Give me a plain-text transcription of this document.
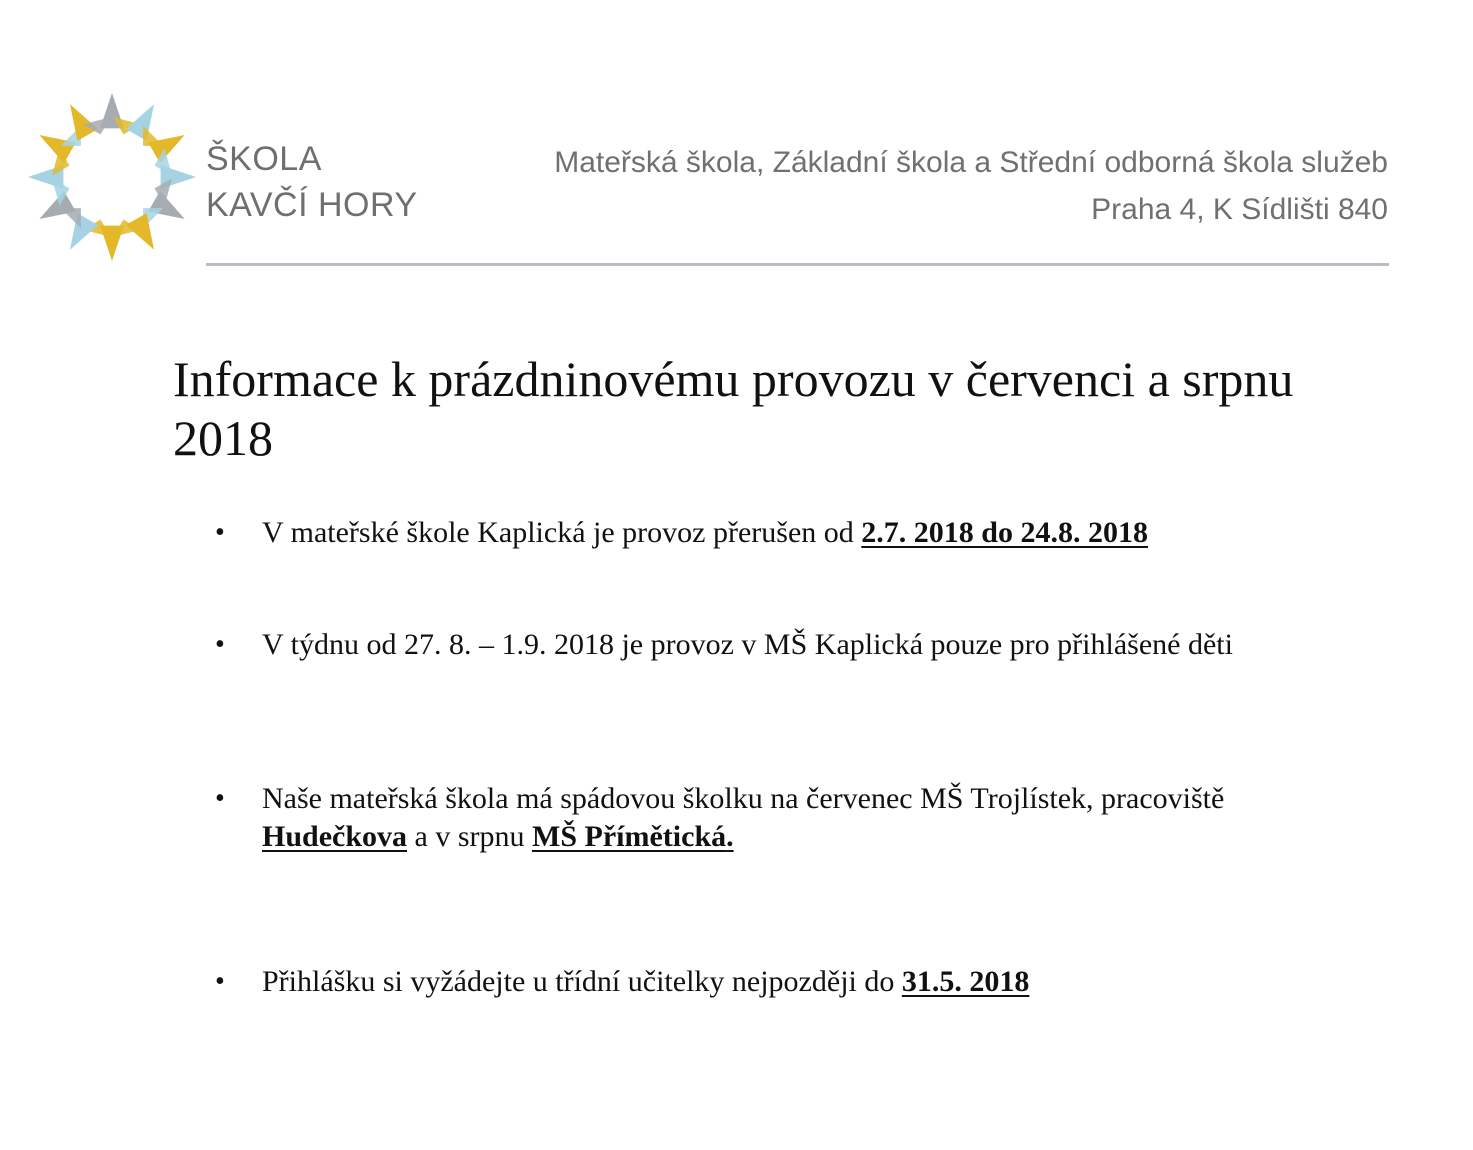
ŠKOLA
KAVČÍ HORY
Mateřská škola, Základní škola a Střední odborná škola služeb
Praha 4, K Sídlišti 840
Informace k prázdninovému provozu v červenci a srpnu 2018
•	V mateřské škole Kaplická je provoz přerušen od 2.7. 2018 do 24.8. 2018
•	V týdnu od 27. 8. – 1.9. 2018 je provoz v MŠ Kaplická pouze pro přihlášené děti
•	Naše mateřská škola má spádovou školku na červenec MŠ Trojlístek, pracoviště Hudečkova a v srpnu MŠ Přímětická.
•	Přihlášku si vyžádejte u třídní učitelky nejpozději do 31.5. 2018
